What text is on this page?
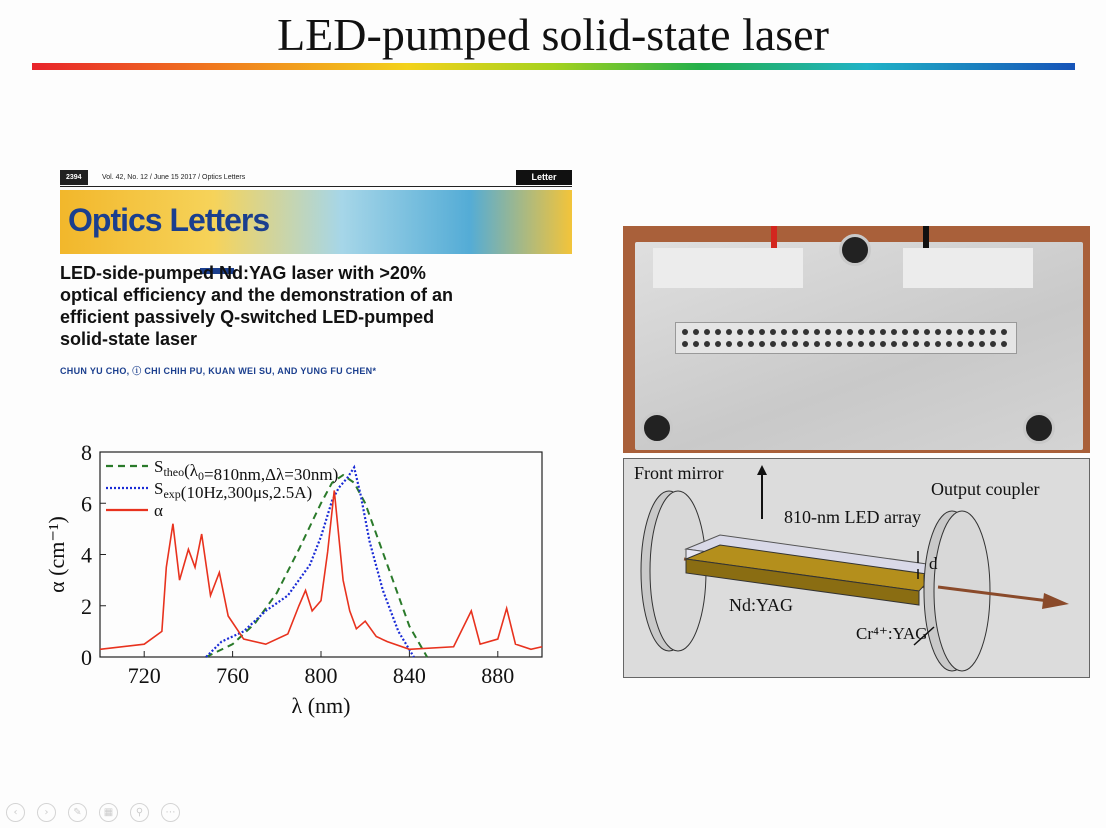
LED-pumped solid-state laser
2394	Vol. 42, No. 12 / June 15 2017 / Optics Letters	Letter
Optics Letters
LED-side-pumped Nd:YAG laser with >20%
optical efficiency and the demonstration of an
efficient passively Q-switched LED-pumped
solid-state laser
CHUN YU CHO, ⓘ CHI CHIH PU, KUAN WEI SU, AND YUNG FU CHEN*
720	760	800	840	880
0
2
4
6
8
λ (nm)
α (cm⁻¹)
$S_{theo}(\lambda_0=810nm,\Delta\lambda=30nm)$
$S_{exp}(10Hz,300\mu s,2.5A)$
α
Front mirror
Output coupler
810-nm LED array
d
Nd:YAG
Cr⁴⁺:YAG
‹	› ✎ ▦ ⚲ ⋯
